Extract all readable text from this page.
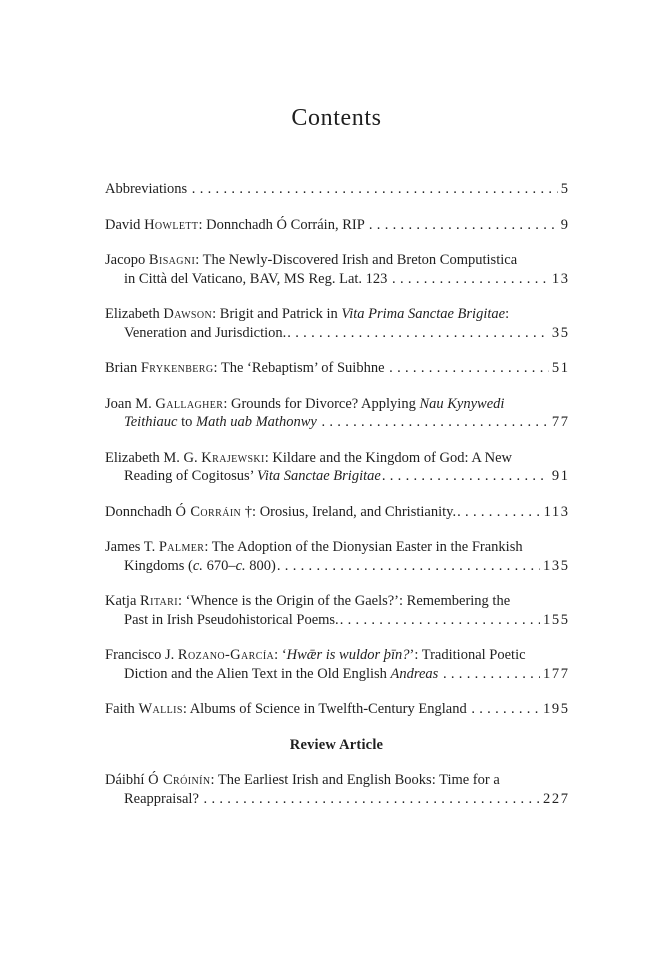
Contents
Abbreviations .....	5
David Howlett: Donnchadh Ó Corráin, RIP .....	9
Jacopo Bisagni: The Newly-Discovered Irish and Breton Computistica
in Città del Vaticano, BAV, MS Reg. Lat. 123 .....	13
Elizabeth Dawson: Brigit and Patrick in Vita Prima Sanctae Brigitae:
Veneration and Jurisdiction. .....	35
Brian Frykenberg: The ‘Rebaptism’ of Suibhne .....	51
Joan M. Gallagher: Grounds for Divorce? Applying Nau Kynywedi
Teithiauc to Math uab Mathonwy .....	77
Elizabeth M. G. Krajewski: Kildare and the Kingdom of God: A New
Reading of Cogitosus’ Vita Sanctae Brigitae .....	91
Donnchadh Ó Corráin †: Orosius, Ireland, and Christianity. .....	113
James T. Palmer: The Adoption of the Dionysian Easter in the Frankish
Kingdoms (c. 670–c. 800) .....	135
Katja Ritari: ‘Whence is the Origin of the Gaels?’: Remembering the
Past in Irish Pseudohistorical Poems. .....	155
Francisco J. Rozano-García: ‘Hwǣr is wuldor þīn?’: Traditional Poetic
Diction and the Alien Text in the Old English Andreas .....	177
Faith Wallis: Albums of Science in Twelfth-Century England .....	195
Review Article
Dáibhí Ó Cróinín: The Earliest Irish and English Books: Time for a
Reappraisal? .....	227
